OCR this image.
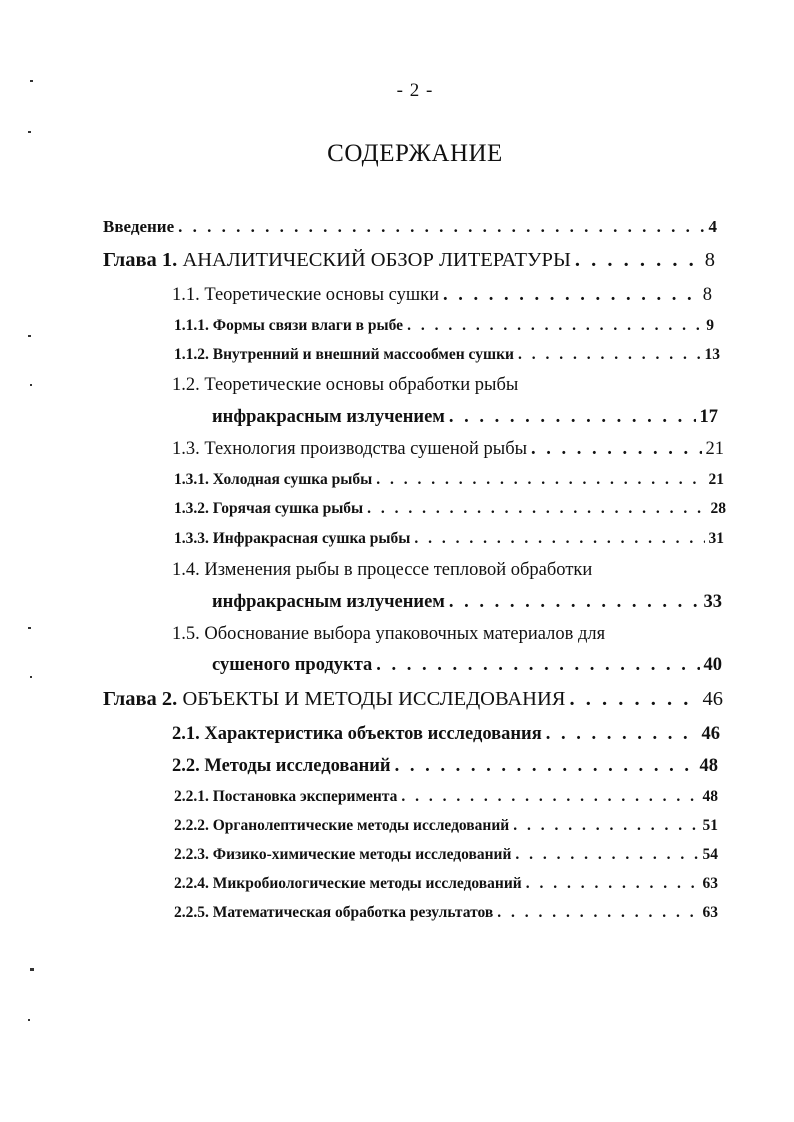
- 2 -
СОДЕРЖАНИЕ
Введение . . .	4
Глава 1. АНАЛИТИЧЕСКИЙ ОБЗОР ЛИТЕРАТУРЫ . . .	8
1.1. Теоретические основы сушки . . .	8
1.1.1. Формы связи влаги в рыбе . . .	9
1.1.2. Внутренний и внешний массообмен сушки . . .	13
1.2. Теоретические основы обработки рыбы
инфракрасным излучением . . .	17
1.3. Технология производства сушеной рыбы . . .	21
1.3.1. Холодная сушка рыбы . . .	21
1.3.2. Горячая сушка рыбы . . .	28
1.3.3. Инфракрасная сушка рыбы . . .	31
1.4. Изменения рыбы в процессе тепловой обработки
инфракрасным излучением . . .	33
1.5. Обоснование выбора упаковочных материалов для
сушеного продукта . . .	40
Глава 2. ОБЪЕКТЫ И МЕТОДЫ ИССЛЕДОВАНИЯ . . .	46
2.1. Характеристика объектов исследования . . .	46
2.2. Методы исследований . . .	48
2.2.1. Постановка эксперимента . . .	48
2.2.2. Органолептические методы исследований . . .	51
2.2.3. Физико-химические методы исследований . . .	54
2.2.4. Микробиологические методы исследований . . .	63
2.2.5. Математическая обработка результатов . . .	63
